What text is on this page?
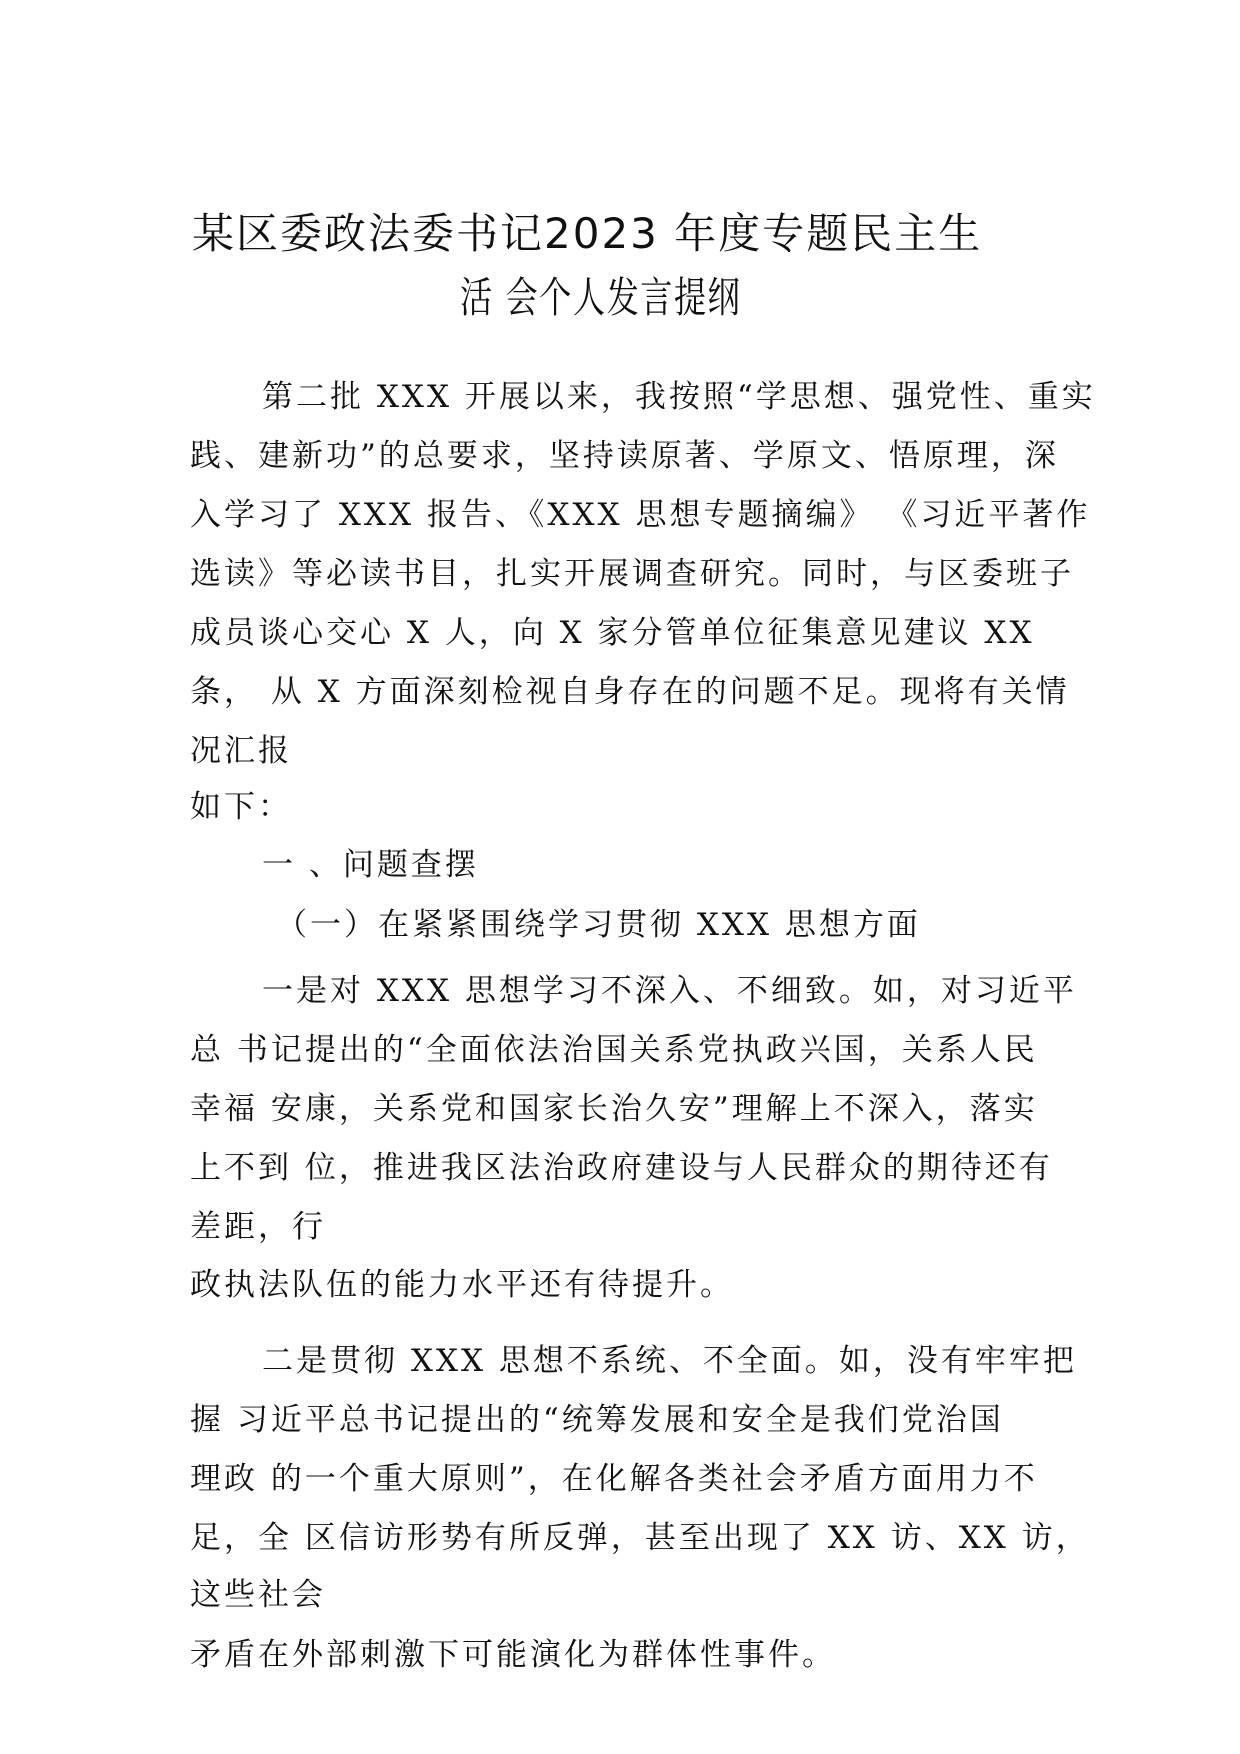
某区委政法委书记2023 年度专题民主生
活 会个人发言提纲
第二批 XXX 开展以来，我按照“学思想、强党性、重实
践、建新功”的总要求，坚持读原著、学原文、悟原理，深
入学习了 XXX 报告、《XXX 思想专题摘编》 《习近平著作
选读》等必读书目，扎实开展调查研究。同时，与区委班子
成员谈心交心 X 人，向 X 家分管单位征集意见建议 XX
条， 从 X 方面深刻检视自身存在的问题不足。现将有关情
况汇报
如下：
一 、问题查摆
（一）在紧紧围绕学习贯彻 XXX 思想方面
一是对 XXX 思想学习不深入、不细致。如，对习近平
总 书记提出的“全面依法治国关系党执政兴国，关系人民
幸福 安康，关系党和国家长治久安”理解上不深入，落实
上不到 位，推进我区法治政府建设与人民群众的期待还有
差距，行
政执法队伍的能力水平还有待提升。
二是贯彻 XXX 思想不系统、不全面。如，没有牢牢把
握 习近平总书记提出的“统筹发展和安全是我们党治国
理政 的一个重大原则”，在化解各类社会矛盾方面用力不
足，全 区信访形势有所反弹，甚至出现了 XX 访、XX 访，
这些社会
矛盾在外部刺激下可能演化为群体性事件。
